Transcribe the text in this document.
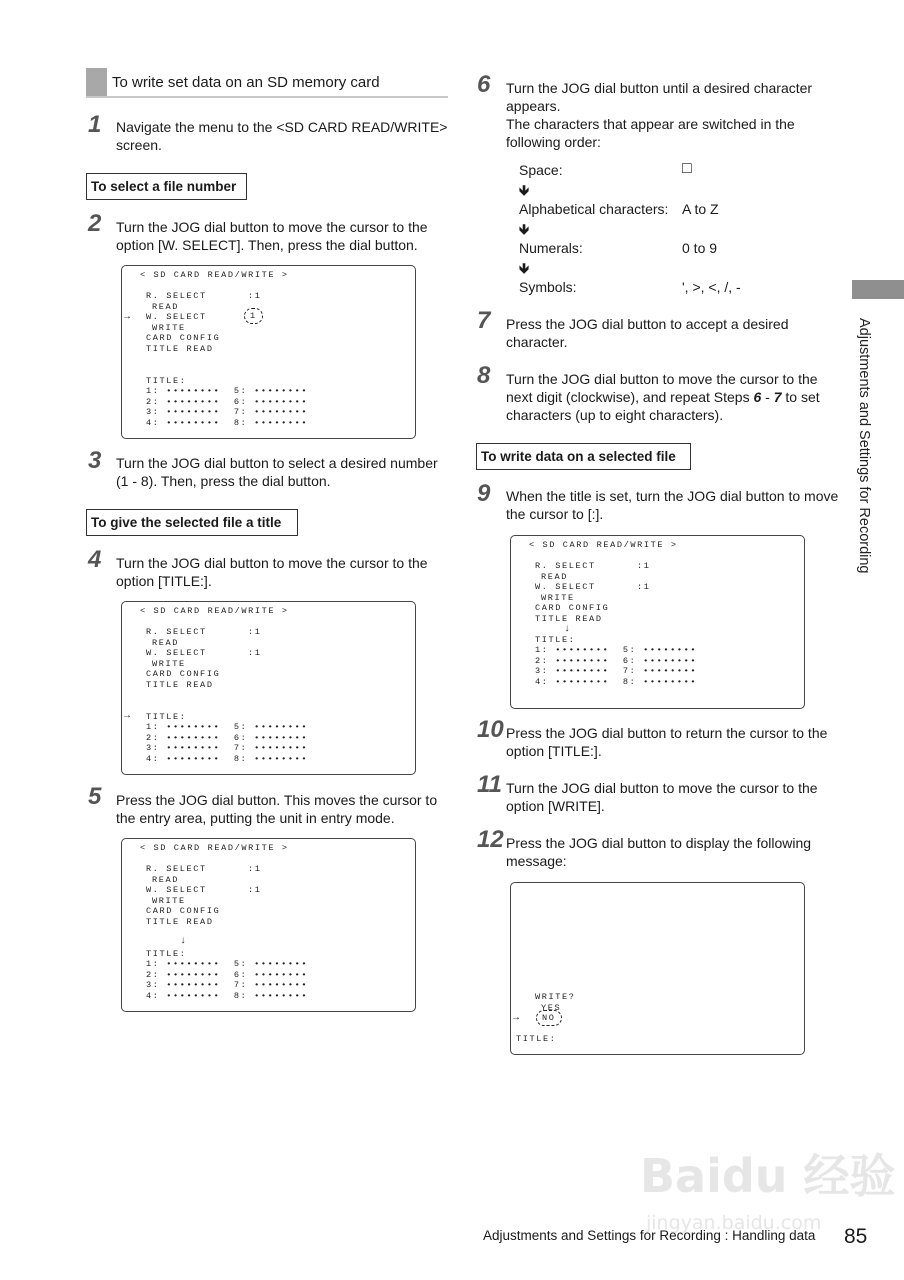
To write set data on an SD memory card
1 Navigate the menu to the <SD CARD READ/WRITE>
screen.
To select a file number
2 Turn the JOG dial button to move the cursor to the
option [W. SELECT]. Then, press the dial button.
< SD CARD READ/WRITE >
R. SELECT	:1
READ
→ W. SELECT	1
WRITE
CARD CONFIG
TITLE READ
TITLE:
1: ••••••••  5: ••••••••
2: ••••••••  6: ••••••••
3: ••••••••  7: ••••••••
4: ••••••••  8: ••••••••
3 Turn the JOG dial button to select a desired number
(1 - 8). Then, press the dial button.
To give the selected file a title
4 Turn the JOG dial button to move the cursor to the
option [TITLE:].
< SD CARD READ/WRITE >
R. SELECT	:1
READ
W. SELECT	:1
WRITE
CARD CONFIG
TITLE READ
→ TITLE:
1: ••••••••  5: ••••••••
2: ••••••••  6: ••••••••
3: ••••••••  7: ••••••••
4: ••••••••  8: ••••••••
5 Press the JOG dial button. This moves the cursor to
the entry area, putting the unit in entry mode.
< SD CARD READ/WRITE >
R. SELECT	:1
READ
W. SELECT	:1
WRITE
CARD CONFIG
TITLE READ
↓
TITLE:
1: ••••••••  5: ••••••••
2: ••••••••  6: ••••••••
3: ••••••••  7: ••••••••
4: ••••••••  8: ••••••••
6 Turn the JOG dial button until a desired character
appears.
The characters that appear are switched in the
following order:
Space:	□
🡻
Alphabetical characters: A to Z
🡻
Numerals:	0 to 9
🡻
Symbols:	', >, <, /, -
7 Press the JOG dial button to accept a desired
character.
8 Turn the JOG dial button to move the cursor to the
next digit (clockwise), and repeat Steps 6 - 7 to set
characters (up to eight characters).
To write data on a selected file
9 When the title is set, turn the JOG dial button to move
the cursor to [:].
< SD CARD READ/WRITE >
R. SELECT	:1
READ
W. SELECT	:1
WRITE
CARD CONFIG
TITLE READ
↓
TITLE:
1: ••••••••  5: ••••••••
2: ••••••••  6: ••••••••
3: ••••••••  7: ••••••••
4: ••••••••  8: ••••••••
10 Press the JOG dial button to return the cursor to the
option [TITLE:].
11 Turn the JOG dial button to move the cursor to the
option [WRITE].
12 Press the JOG dial button to display the following
message:
WRITE?
YES
→	NO
TITLE:
Adjustments and Settings for Recording
Baidu 经验
jingyan.baidu.com
Adjustments and Settings for Recording : Handling data 85
